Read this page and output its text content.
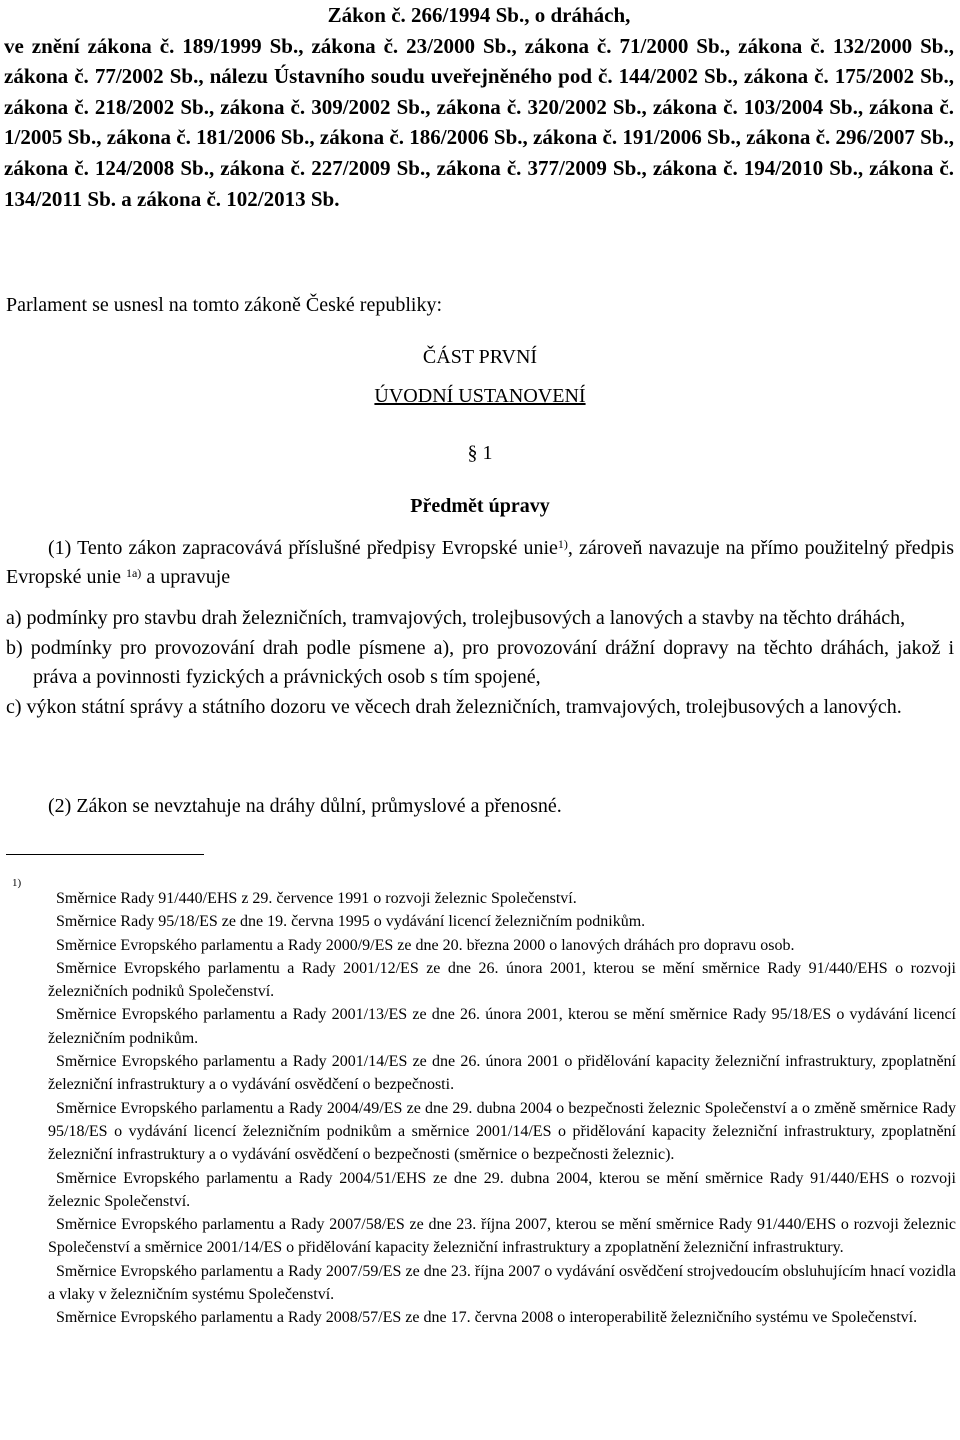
Zákon č. 266/1994 Sb., o dráhách,
ve znění zákona č. 189/1999 Sb., zákona č. 23/2000 Sb., zákona č. 71/2000 Sb., zákona č. 132/2000 Sb., zákona č. 77/2002 Sb., nálezu Ústavního soudu uveřejněného pod č. 144/2002 Sb., zákona č. 175/2002 Sb., zákona č. 218/2002 Sb., zákona č. 309/2002 Sb., zákona č. 320/2002 Sb., zákona č. 103/2004 Sb., zákona č. 1/2005 Sb., zákona č. 181/2006 Sb., zákona č. 186/2006 Sb., zákona č. 191/2006 Sb., zákona č. 296/2007 Sb., zákona č. 124/2008 Sb., zákona č. 227/2009 Sb., zákona č. 377/2009 Sb., zákona č. 194/2010 Sb., zákona č. 134/2011 Sb. a zákona č. 102/2013 Sb.
Parlament se usnesl na tomto zákoně České republiky:
ČÁST PRVNÍ
ÚVODNÍ USTANOVENÍ
§ 1
Předmět úpravy
(1) Tento zákon zapracovává příslušné předpisy Evropské unie$^{1)}$, zároveň navazuje na přímo použitelný předpis Evropské unie $^{1a)}$ a upravuje
a) podmínky pro stavbu drah železničních, tramvajových, trolejbusových a lanových a stavby na těchto dráhách,
b) podmínky pro provozování drah podle písmene a), pro provozování drážní dopravy na těchto dráhách, jakož i práva a povinnosti fyzických a právnických osob s tím spojené,
c) výkon státní správy a státního dozoru ve věcech drah železničních, tramvajových, trolejbusových a lanových.
(2) Zákon se nevztahuje na dráhy důlní, průmyslové a přenosné.
1)
Směrnice Rady 91/440/EHS z 29. července 1991 o rozvoji železnic Společenství.
Směrnice Rady 95/18/ES ze dne 19. června 1995 o vydávání licencí železničním podnikům.
Směrnice Evropského parlamentu a Rady 2000/9/ES ze dne 20. března 2000 o lanových dráhách pro dopravu osob.
Směrnice Evropského parlamentu a Rady 2001/12/ES ze dne 26. února 2001, kterou se mění směrnice Rady 91/440/EHS o rozvoji železničních podniků Společenství.
Směrnice Evropského parlamentu a Rady 2001/13/ES ze dne 26. února 2001, kterou se mění směrnice Rady 95/18/ES o vydávání licencí železničním podnikům.
Směrnice Evropského parlamentu a Rady 2001/14/ES ze dne 26. února 2001 o přidělování kapacity železniční infrastruktury, zpoplatnění železniční infrastruktury a o vydávání osvědčení o bezpečnosti.
Směrnice Evropského parlamentu a Rady 2004/49/ES ze dne 29. dubna 2004 o bezpečnosti železnic Společenství a o změně směrnice Rady 95/18/ES o vydávání licencí železničním podnikům a směrnice 2001/14/ES o přidělování kapacity železniční infrastruktury, zpoplatnění železniční infrastruktury a o vydávání osvědčení o bezpečnosti (směrnice o bezpečnosti železnic).
Směrnice Evropského parlamentu a Rady 2004/51/EHS ze dne 29. dubna 2004, kterou se mění směrnice Rady 91/440/EHS o rozvoji železnic Společenství.
Směrnice Evropského parlamentu a Rady 2007/58/ES ze dne 23. října 2007, kterou se mění směrnice Rady 91/440/EHS o rozvoji železnic Společenství a směrnice 2001/14/ES o přidělování kapacity železniční infrastruktury a zpoplatnění železniční infrastruktury.
Směrnice Evropského parlamentu a Rady 2007/59/ES ze dne 23. října 2007 o vydávání osvědčení strojvedoucím obsluhujícím hnací vozidla a vlaky v železničním systému Společenství.
Směrnice Evropského parlamentu a Rady 2008/57/ES ze dne 17. června 2008 o interoperabilitě železničního systému ve Společenství.
